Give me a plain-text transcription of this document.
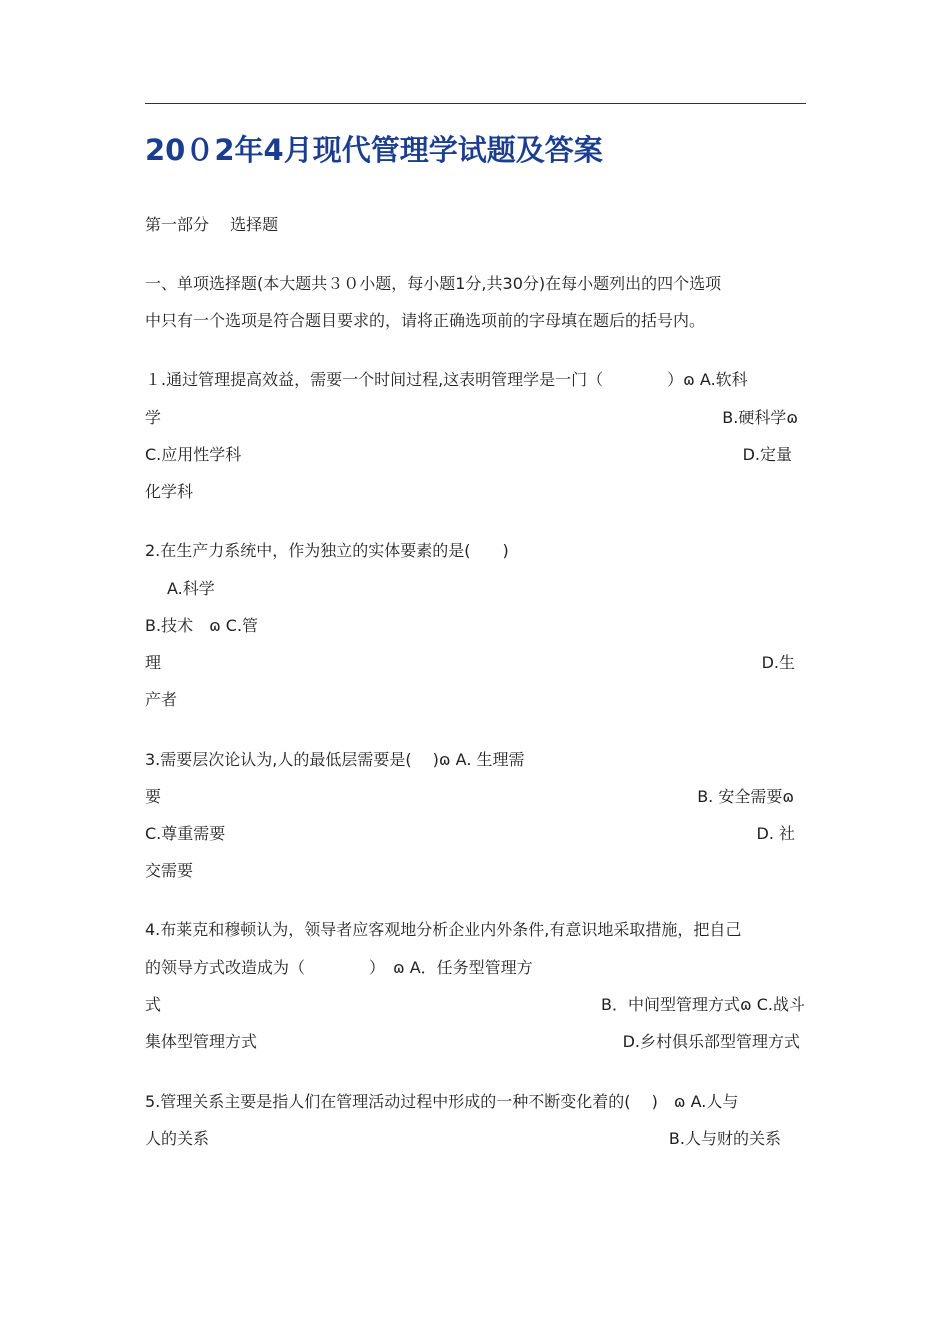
20０2年4月现代管理学试题及答案
第一部分　 选择题
一、单项选择题(本大题共３０小题，每小题1分,共30分)在每小题列出的四个选项
中只有一个选项是符合题目要求的，请将正确选项前的字母填在题后的括号内。
１.通过管理提高效益，需要一个时间过程,这表明管理学是一门（　　　　）ɷ A.软科
学	B.硬科学ɷ
C.应用性学科	D.定量
化学科
2.在生产力系统中，作为独立的实体要素的是(　　)
A.科学
B.技术　ɷ C.管
理	D.生
产者
3.需要层次论认为,人的最低层需要是(　 )ɷ A. 生理需
要	B. 安全需要ɷ
C.尊重需要	D. 社
交需要
4.布莱克和穆顿认为，领导者应客观地分析企业内外条件,有意识地采取措施，把自己
的领导方式改造成为（　　　　）　ɷ A．任务型管理方
式	B．中间型管理方式ɷ C.战斗
集体型管理方式	D.乡村俱乐部型管理方式
5.管理关系主要是指人们在管理活动过程中形成的一种不断变化着的(　 )　ɷ A.人与
人的关系	B.人与财的关系
